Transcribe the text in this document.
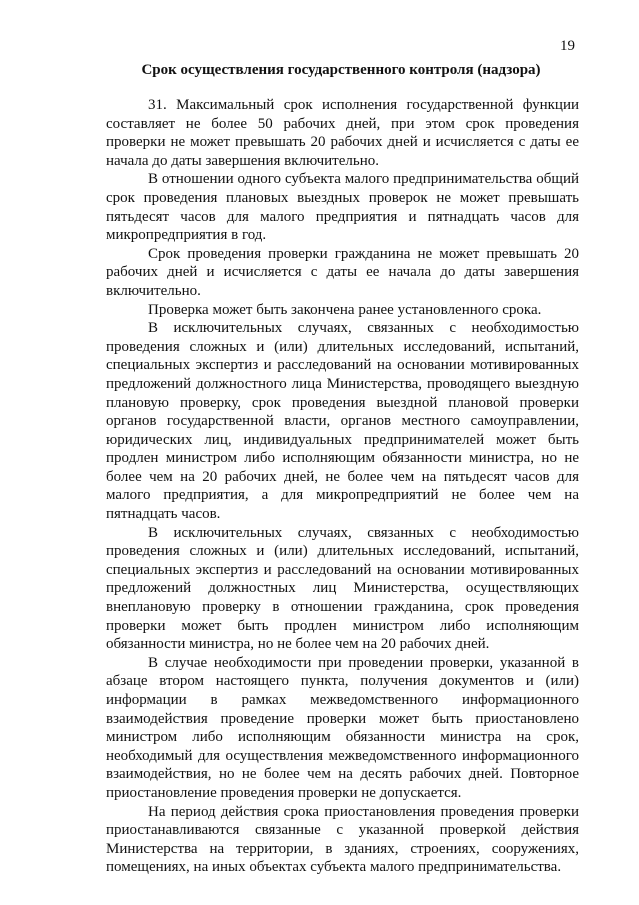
19
Срок осуществления государственного контроля (надзора)

31. Максимальный срок исполнения государственной функции составляет не более 50 рабочих дней, при этом срок проведения проверки не может превышать 20 рабочих дней и исчисляется с даты ее начала до даты завершения включительно.

В отношении одного субъекта малого предпринимательства общий срок проведения плановых выездных проверок не может превышать пятьдесят часов для малого предприятия и пятнадцать часов для микропредприятия в год.

Срок проведения проверки гражданина не может превышать 20 рабочих дней и исчисляется с даты ее начала до даты завершения включительно.

Проверка может быть закончена ранее установленного срока.

В исключительных случаях, связанных с необходимостью проведения сложных и (или) длительных исследований, испытаний, специальных экспертиз и расследований на основании мотивированных предложений должностного лица Министерства, проводящего выездную плановую проверку, срок проведения выездной плановой проверки органов государственной власти, органов местного самоуправлении, юридических лиц, индивидуальных предпринимателей может быть продлен министром либо исполняющим обязанности министра, но не более чем на 20 рабочих дней, не более чем на пятьдесят часов для малого предприятия, а для микропредприятий не более чем на пятнадцать часов.

В исключительных случаях, связанных с необходимостью проведения сложных и (или) длительных исследований, испытаний, специальных экспертиз и расследований на основании мотивированных предложений должностных лиц Министерства, осуществляющих внеплановую проверку в отношении гражданина, срок проведения проверки может быть продлен министром либо исполняющим обязанности министра, но не более чем на 20 рабочих дней.

В случае необходимости при проведении проверки, указанной в абзаце втором настоящего пункта, получения документов и (или) информации в рамках межведомственного информационного взаимодействия проведение проверки может быть приостановлено министром либо исполняющим обязанности министра на срок, необходимый для осуществления межведомственного информационного взаимодействия, но не более чем на десять рабочих дней. Повторное приостановление проведения проверки не допускается.

На период действия срока приостановления проведения проверки приостанавливаются связанные с указанной проверкой действия Министерства на территории, в зданиях, строениях, сооружениях, помещениях, на иных объектах субъекта малого предпринимательства.
